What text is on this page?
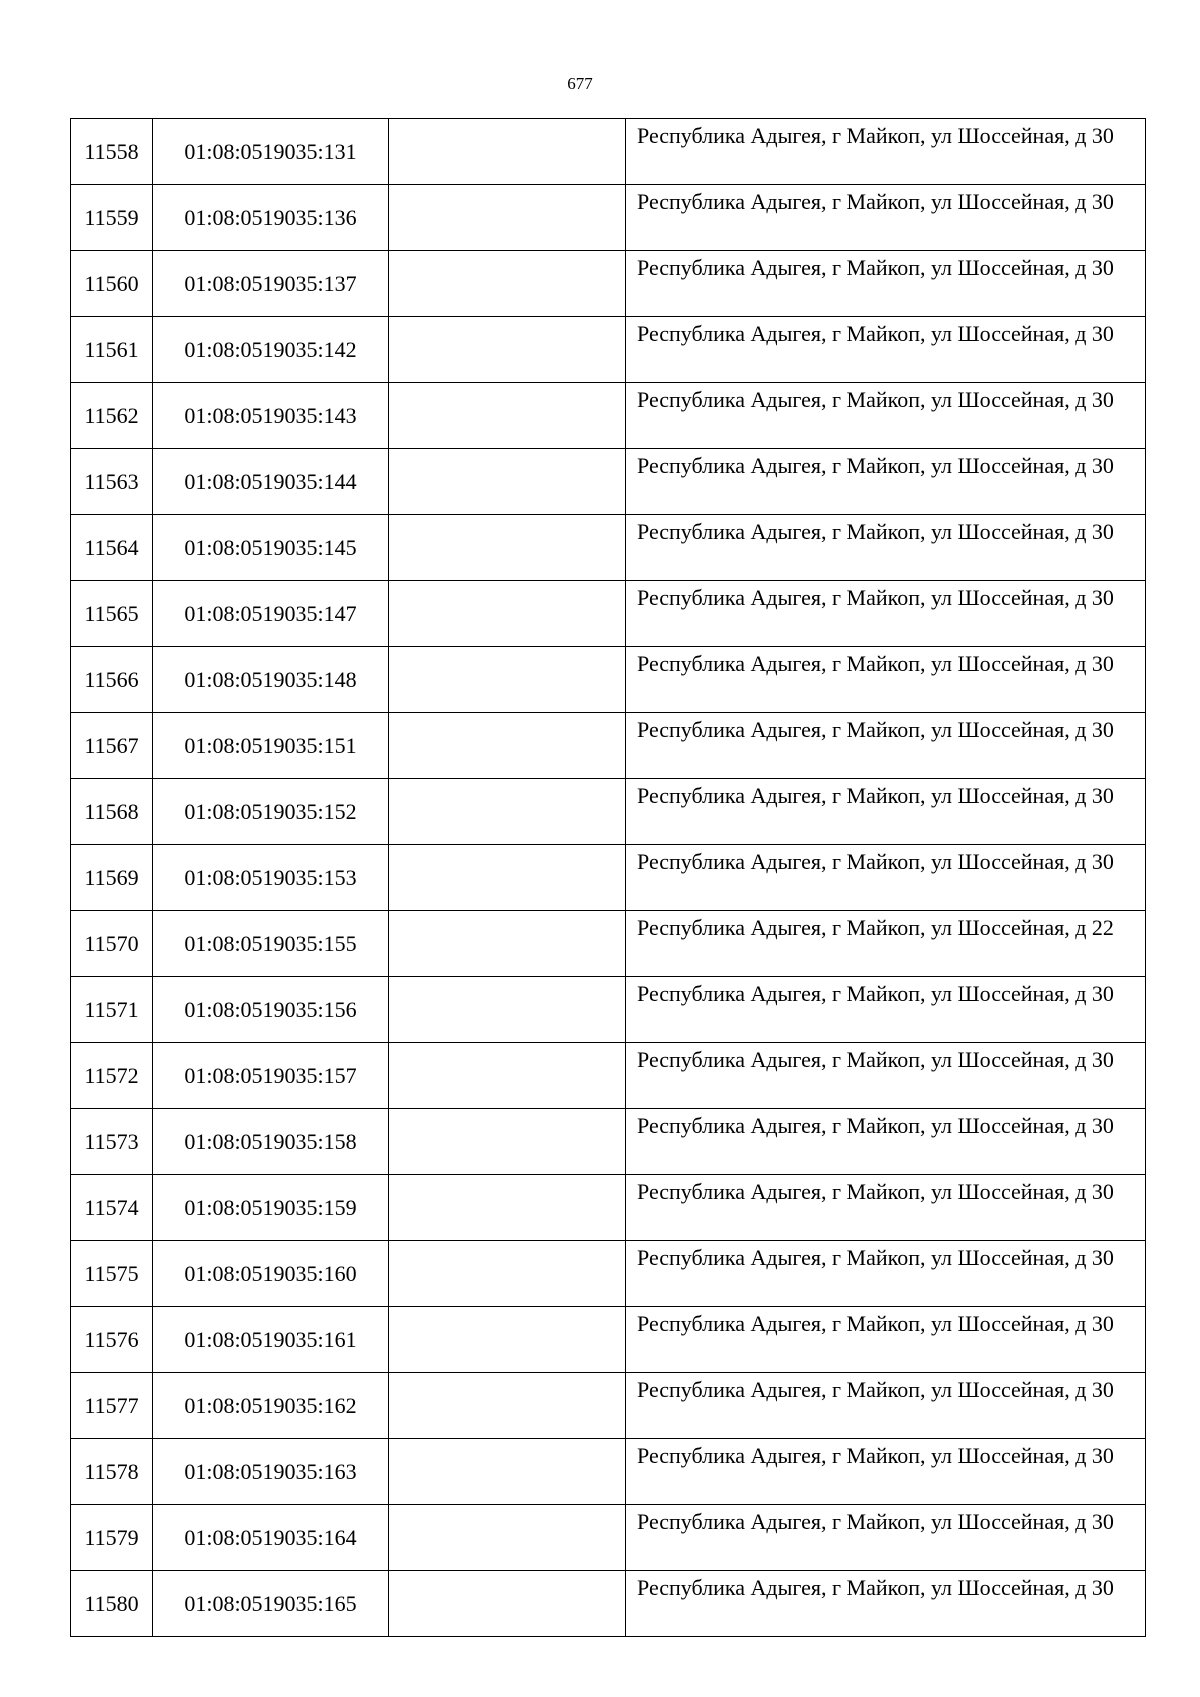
677
11558	01:08:0519035:131		Республика Адыгея, г Майкоп, ул Шоссейная, д 30
11559	01:08:0519035:136		Республика Адыгея, г Майкоп, ул Шоссейная, д 30
11560	01:08:0519035:137		Республика Адыгея, г Майкоп, ул Шоссейная, д 30
11561	01:08:0519035:142		Республика Адыгея, г Майкоп, ул Шоссейная, д 30
11562	01:08:0519035:143		Республика Адыгея, г Майкоп, ул Шоссейная, д 30
11563	01:08:0519035:144		Республика Адыгея, г Майкоп, ул Шоссейная, д 30
11564	01:08:0519035:145		Республика Адыгея, г Майкоп, ул Шоссейная, д 30
11565	01:08:0519035:147		Республика Адыгея, г Майкоп, ул Шоссейная, д 30
11566	01:08:0519035:148		Республика Адыгея, г Майкоп, ул Шоссейная, д 30
11567	01:08:0519035:151		Республика Адыгея, г Майкоп, ул Шоссейная, д 30
11568	01:08:0519035:152		Республика Адыгея, г Майкоп, ул Шоссейная, д 30
11569	01:08:0519035:153		Республика Адыгея, г Майкоп, ул Шоссейная, д 30
11570	01:08:0519035:155		Республика Адыгея, г Майкоп, ул Шоссейная, д 22
11571	01:08:0519035:156		Республика Адыгея, г Майкоп, ул Шоссейная, д 30
11572	01:08:0519035:157		Республика Адыгея, г Майкоп, ул Шоссейная, д 30
11573	01:08:0519035:158		Республика Адыгея, г Майкоп, ул Шоссейная, д 30
11574	01:08:0519035:159		Республика Адыгея, г Майкоп, ул Шоссейная, д 30
11575	01:08:0519035:160		Республика Адыгея, г Майкоп, ул Шоссейная, д 30
11576	01:08:0519035:161		Республика Адыгея, г Майкоп, ул Шоссейная, д 30
11577	01:08:0519035:162		Республика Адыгея, г Майкоп, ул Шоссейная, д 30
11578	01:08:0519035:163		Республика Адыгея, г Майкоп, ул Шоссейная, д 30
11579	01:08:0519035:164		Республика Адыгея, г Майкоп, ул Шоссейная, д 30
11580	01:08:0519035:165		Республика Адыгея, г Майкоп, ул Шоссейная, д 30
